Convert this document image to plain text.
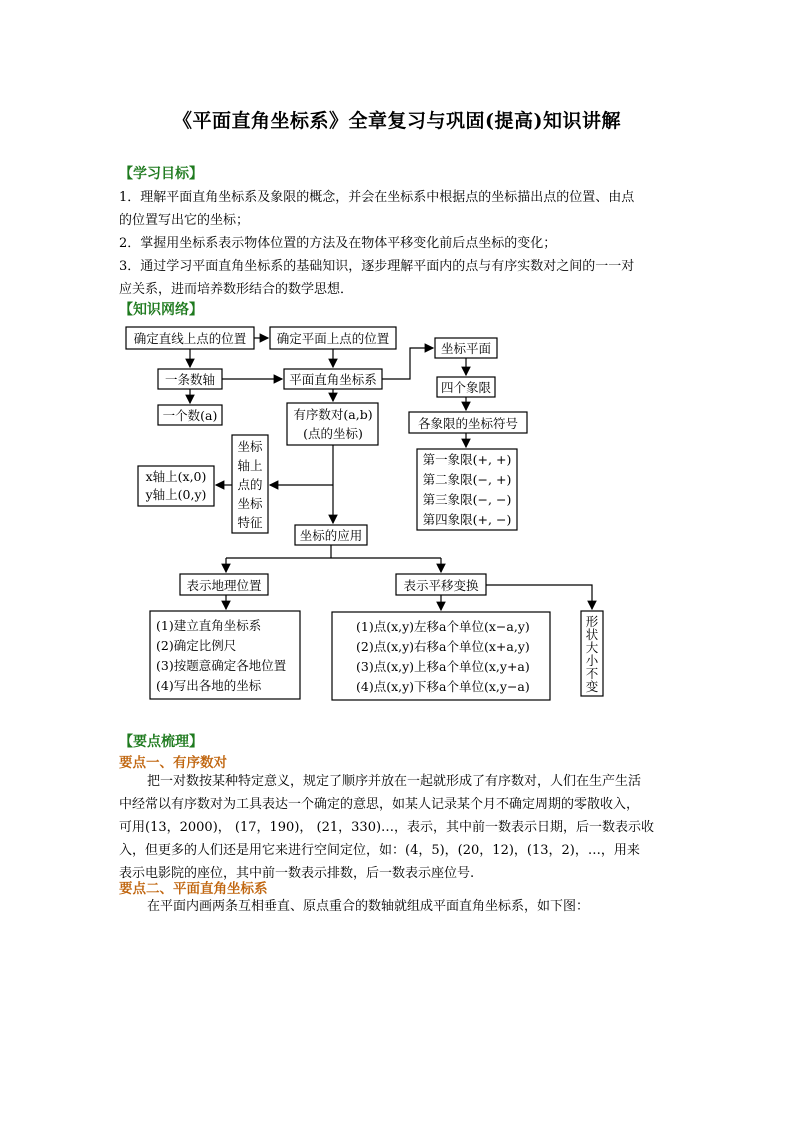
《平面直角坐标系》全章复习与巩固(提高)知识讲解
【学习目标】
1．理解平面直角坐标系及象限的概念，并会在坐标系中根据点的坐标描出点的位置、由点
的位置写出它的坐标；
2．掌握用坐标系表示物体位置的方法及在物体平移变化前后点坐标的变化；
3．通过学习平面直角坐标系的基础知识，逐步理解平面内的点与有序实数对之间的一一对
应关系，进而培养数形结合的数学思想．
【知识网络】
确定直线上点的位置 确定平面上点的位置
一条数轴	平面直角坐标系
一个数(a)	有序数对(a,b)
(点的坐标)
坐标平面
四个象限
各象限的坐标符号
第一象限(+, +)
第二象限(−, +)
第三象限(−, −)
第四象限(+, −)
坐标
轴上
点的
坐标
特征
x轴上(x,0)
y轴上(0,y)
坐标的应用
表示地理位置	表示平移变换
形
状
大
小
不
变
(1)建立直角坐标系
(2)确定比例尺
(3)按题意确定各地位置
(4)写出各地的坐标
(1)点(x,y)左移a个单位(x−a,y)
(2)点(x,y)右移a个单位(x+a,y)
(3)点(x,y)上移a个单位(x,y+a)
(4)点(x,y)下移a个单位(x,y−a)
【要点梳理】
要点一、有序数对
把一对数按某种特定意义，规定了顺序并放在一起就形成了有序数对，人们在生产生活
中经常以有序数对为工具表达一个确定的意思，如某人记录某个月不确定周期的零散收入，
可用(13，2000)， (17，190)， (21，330)…，表示，其中前一数表示日期，后一数表示收
入，但更多的人们还是用它来进行空间定位，如：(4，5)，(20，12)，(13，2)，…，用来
表示电影院的座位，其中前一数表示排数，后一数表示座位号.
要点二、平面直角坐标系
在平面内画两条互相垂直、原点重合的数轴就组成平面直角坐标系，如下图：
